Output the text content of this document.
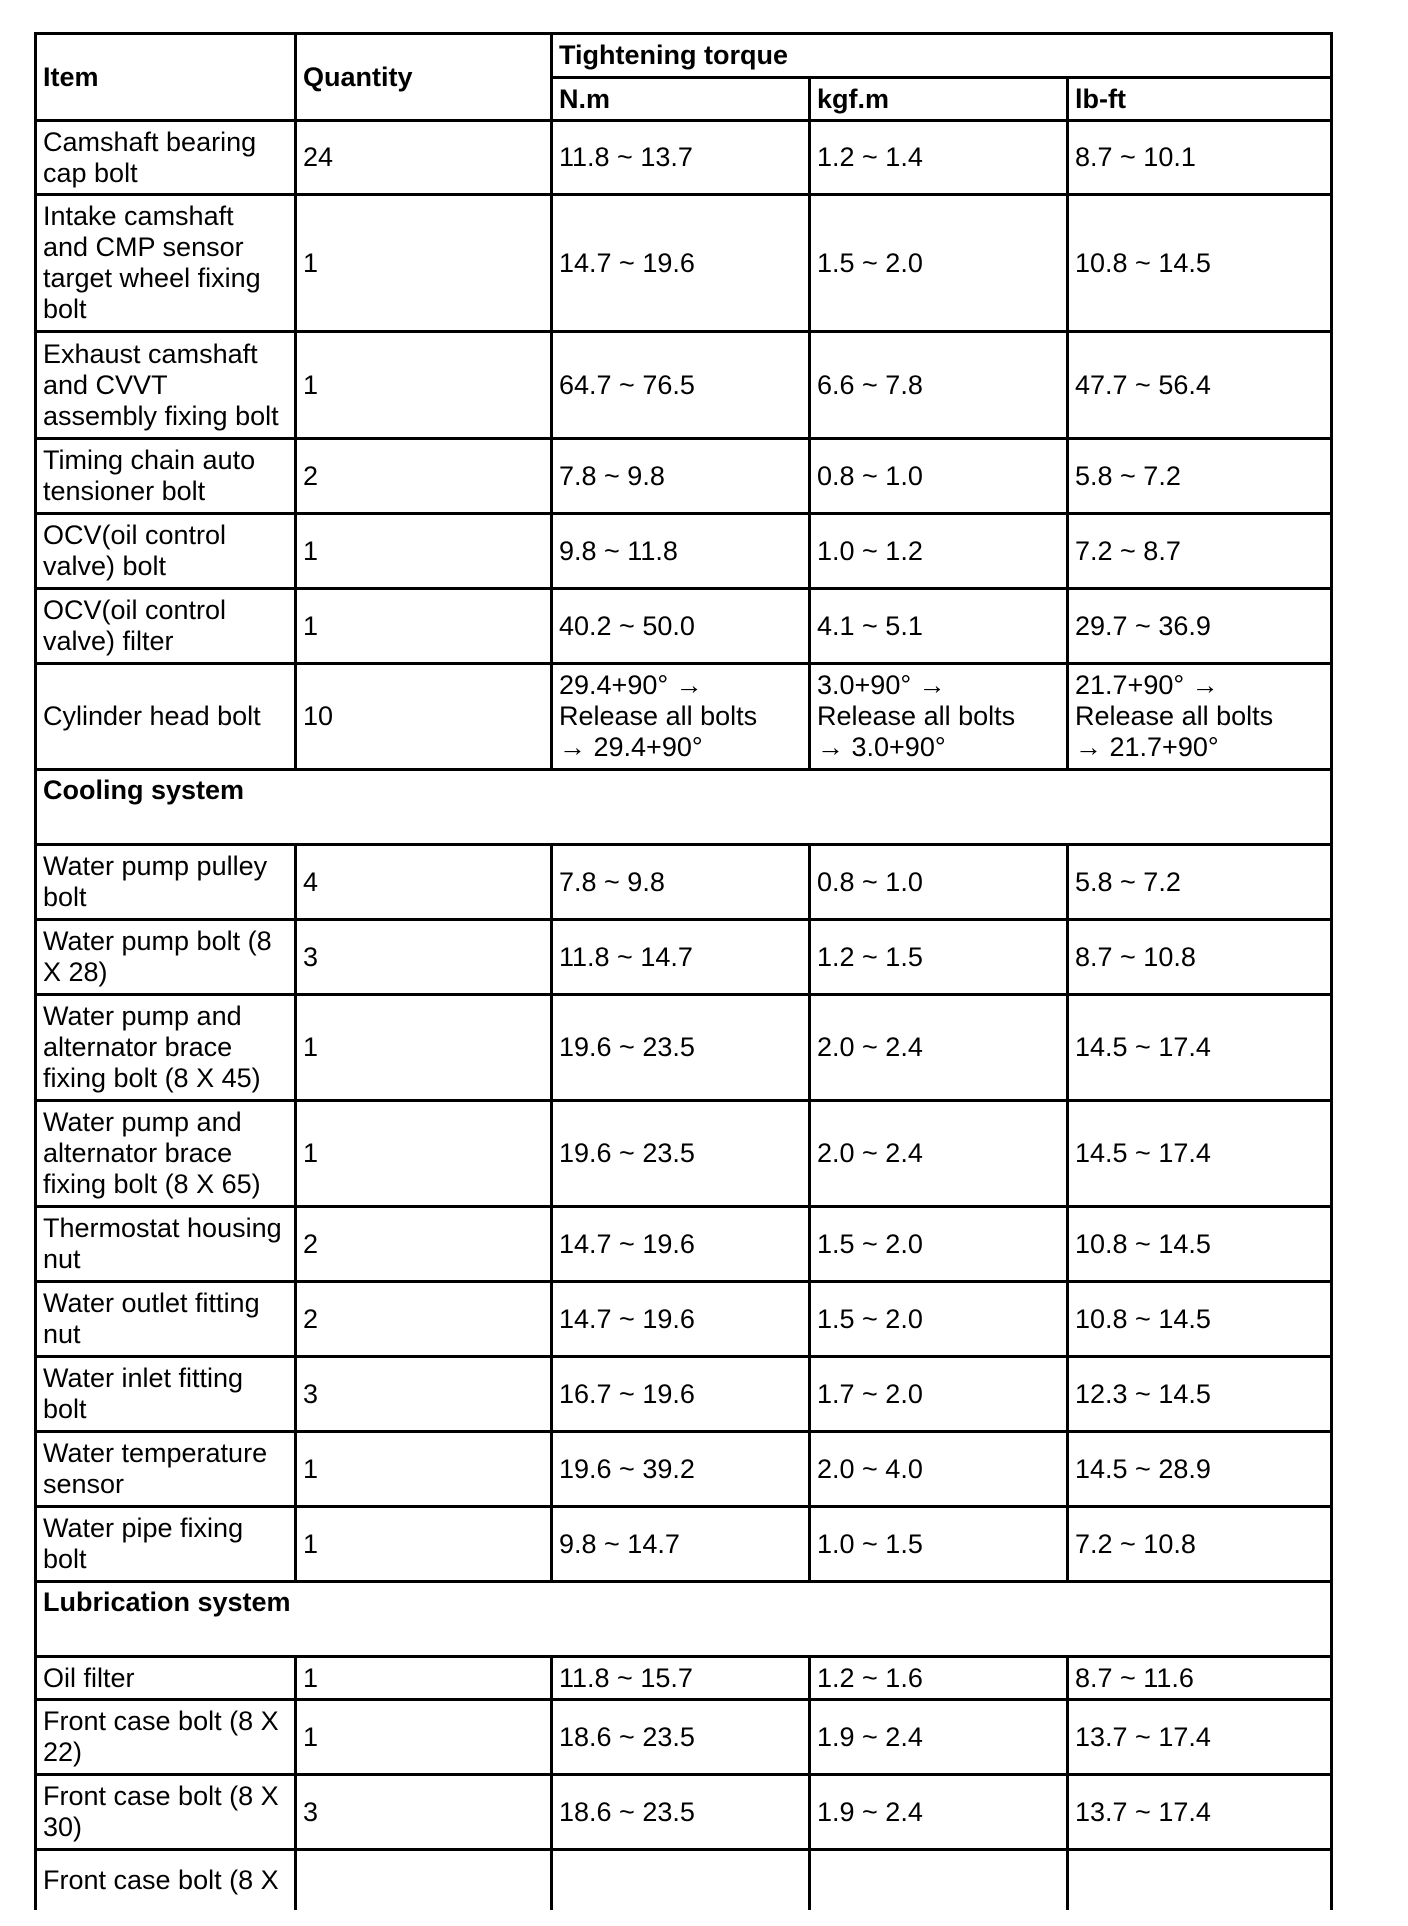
Item	Quantity	Tightening torque		
		N.m	kgf.m	lb-ft
Camshaft bearing
cap bolt	24	11.8 ~ 13.7	1.2 ~ 1.4	8.7 ~ 10.1
Intake camshaft
and CMP sensor
target wheel fixing
bolt	1	14.7 ~ 19.6	1.5 ~ 2.0	10.8 ~ 14.5
Exhaust camshaft
and CVVT
assembly fixing bolt	1	64.7 ~ 76.5	6.6 ~ 7.8	47.7 ~ 56.4
Timing chain auto
tensioner bolt	2	7.8 ~ 9.8	0.8 ~ 1.0	5.8 ~ 7.2
OCV(oil control
valve) bolt	1	9.8 ~ 11.8	1.0 ~ 1.2	7.2 ~ 8.7
OCV(oil control
valve) filter	1	40.2 ~ 50.0	4.1 ~ 5.1	29.7 ~ 36.9
Cylinder head bolt	10	29.4+90° →
Release all bolts
→ 29.4+90°	3.0+90° →
Release all bolts
→ 3.0+90°	21.7+90° →
Release all bolts
→ 21.7+90°
Cooling system				
Water pump pulley
bolt	4	7.8 ~ 9.8	0.8 ~ 1.0	5.8 ~ 7.2
Water pump bolt (8
X 28)	3	11.8 ~ 14.7	1.2 ~ 1.5	8.7 ~ 10.8
Water pump and
alternator brace
fixing bolt (8 X 45)	1	19.6 ~ 23.5	2.0 ~ 2.4	14.5 ~ 17.4
Water pump and
alternator brace
fixing bolt (8 X 65)	1	19.6 ~ 23.5	2.0 ~ 2.4	14.5 ~ 17.4
Thermostat housing
nut	2	14.7 ~ 19.6	1.5 ~ 2.0	10.8 ~ 14.5
Water outlet fitting
nut	2	14.7 ~ 19.6	1.5 ~ 2.0	10.8 ~ 14.5
Water inlet fitting
bolt	3	16.7 ~ 19.6	1.7 ~ 2.0	12.3 ~ 14.5
Water temperature
sensor	1	19.6 ~ 39.2	2.0 ~ 4.0	14.5 ~ 28.9
Water pipe fixing
bolt	1	9.8 ~ 14.7	1.0 ~ 1.5	7.2 ~ 10.8
Lubrication system				
Oil filter	1	11.8 ~ 15.7	1.2 ~ 1.6	8.7 ~ 11.6
Front case bolt (8 X
22)	1	18.6 ~ 23.5	1.9 ~ 2.4	13.7 ~ 17.4
Front case bolt (8 X
30)	3	18.6 ~ 23.5	1.9 ~ 2.4	13.7 ~ 17.4
Front case bolt (8 X				
